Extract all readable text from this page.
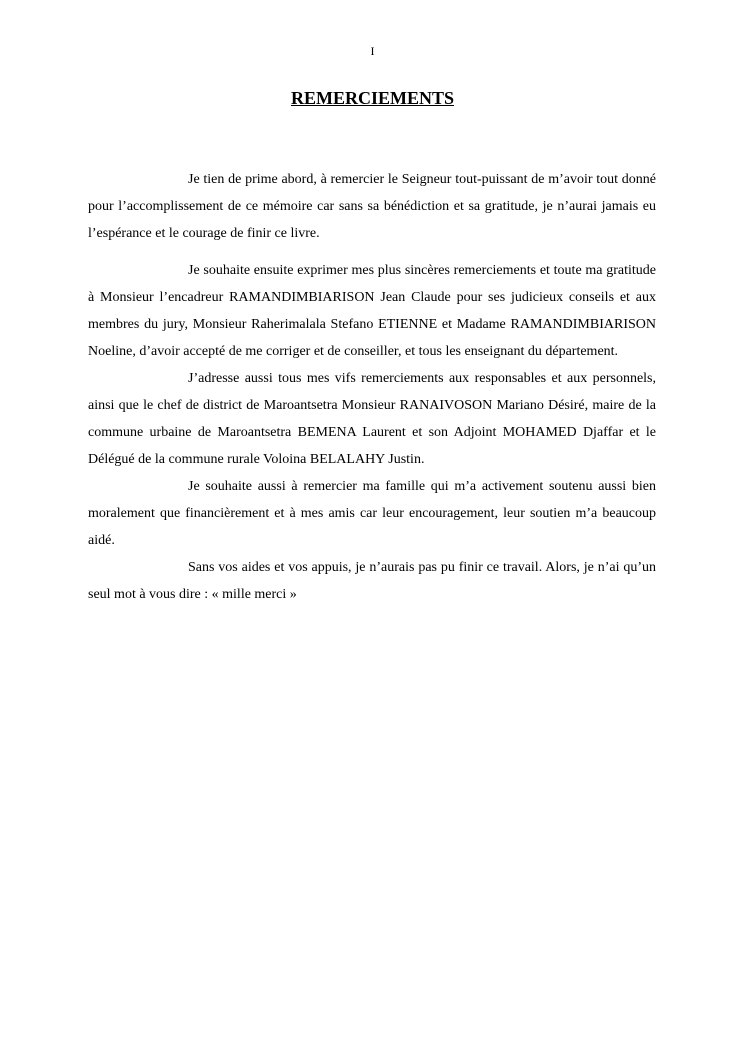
I
REMERCIEMENTS

Je tien de prime abord, à remercier le Seigneur tout-puissant de m’avoir tout donné pour l’accomplissement de ce mémoire car sans sa bénédiction et sa gratitude, je n’aurai jamais eu l’espérance et le courage de finir ce livre.

Je souhaite ensuite exprimer mes plus sincères remerciements et toute ma gratitude à Monsieur l’encadreur RAMANDIMBIARISON Jean Claude pour ses judicieux conseils et aux membres du jury, Monsieur Raherimalala Stefano ETIENNE et Madame RAMANDIMBIARISON Noeline, d’avoir accepté de me corriger et de conseiller, et tous les enseignant du département.

J’adresse aussi tous mes vifs remerciements aux responsables et aux personnels, ainsi que le chef de district de Maroantsetra Monsieur RANAIVOSON Mariano Désiré, maire de la commune urbaine de Maroantsetra BEMENA Laurent et son Adjoint MOHAMED Djaffar et le Délégué de la commune rurale Voloina BELALAHY Justin.

Je souhaite aussi à remercier ma famille qui m’a activement soutenu aussi bien moralement que financièrement et à mes amis car leur encouragement, leur soutien m’a beaucoup aidé.

Sans vos aides et vos appuis, je n’aurais pas pu finir ce travail. Alors, je n’ai qu’un seul mot à vous dire : « mille merci »
